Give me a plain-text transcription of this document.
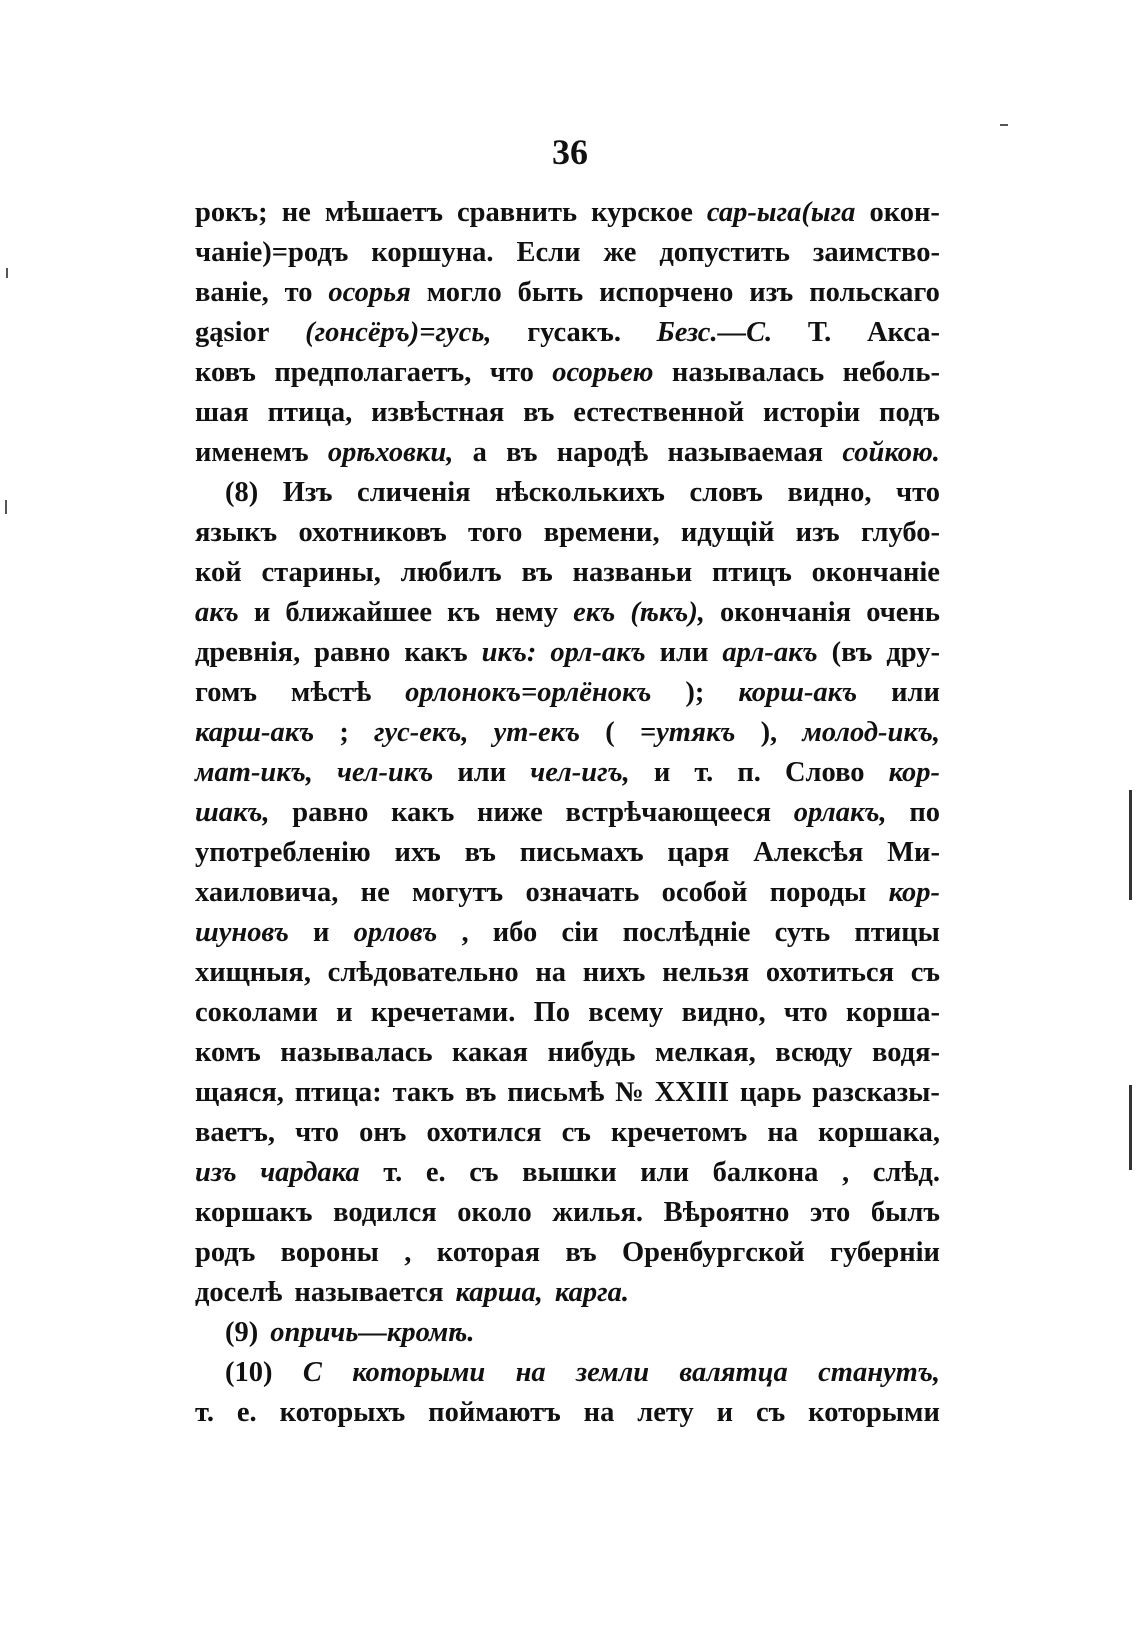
36
рокъ; не мѣшаетъ сравнить курское сар-ыга(ыга окон-
чаніе)=родъ коршуна. Если же допустить заимство-
ваніе, то осорья могло быть испорчено изъ польскаго
gąsior (гонсёръ)=гусь, гусакъ. Безс.—С. Т. Акса-
ковъ предполагаетъ, что осорьею называлась неболь-
шая птица, извѣстная въ естественной исторіи подъ
именемъ орѣховки, а въ народѣ называемая сойкою.
(8) Изъ сличенія нѣсколькихъ словъ видно, что
языкъ охотниковъ того времени, идущій изъ глубо-
кой старины, любилъ въ названьи птицъ окончаніе
акъ и ближайшее къ нему екъ (ѣкъ), окончанія очень
древнія, равно какъ икъ: орл-акъ или арл-акъ (въ дру-
гомъ мѣстѣ орлонокъ=орлёнокъ ); корш-акъ или
карш-акъ ; гус-екъ, ут-екъ ( =утякъ ), молод-икъ,
мат-икъ, чел-икъ или чел-игъ, и т. п. Слово кор-
шакъ, равно какъ ниже встрѣчающееся орлакъ, по
употребленію ихъ въ письмахъ царя Алексѣя Ми-
хаиловича, не могутъ означать особой породы кор-
шуновъ и орловъ , ибо сіи послѣдніе суть птицы
хищныя, слѣдовательно на нихъ нельзя охотиться съ
соколами и кречетами. По всему видно, что корша-
комъ называлась какая нибудь мелкая, всюду водя-
щаяся, птица: такъ въ письмѣ № XXIII царь разсказы-
ваетъ, что онъ охотился съ кречетомъ на коршака,
изъ чардака т. е. съ вышки или балкона , слѣд.
коршакъ водился около жилья. Вѣроятно это былъ
родъ вороны , которая въ Оренбургской губерніи
доселѣ называется карша, карга.
(9) опричь—кромѣ.
(10) С которыми на земли валятца станутъ,
т. е. которыхъ поймаютъ на лету и съ которыми
